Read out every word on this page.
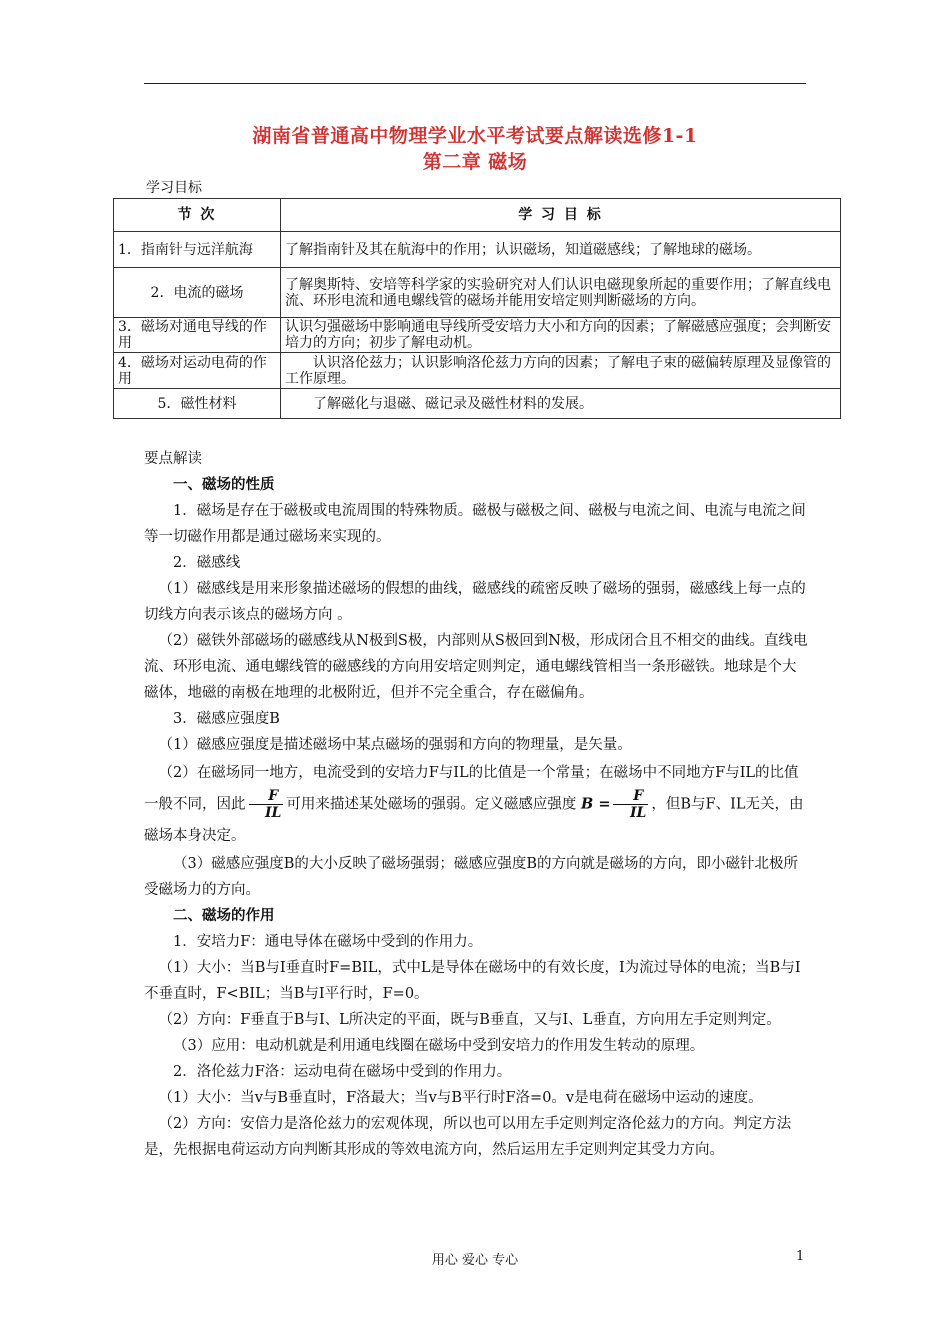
湖南省普通高中物理学业水平考试要点解读选修1-1
第二章 磁场
学习目标
节 次	学 习 目 标
1．指南针与远洋航海	了解指南针及其在航海中的作用；认识磁场，知道磁感线；了解地球的磁场。
2．电流的磁场	了解奥斯特、安培等科学家的实验研究对人们认识电磁现象所起的重要作用；了解直线电流、环形电流和通电螺线管的磁场并能用安培定则判断磁场的方向。
3．磁场对通电导线的作用	认识匀强磁场中影响通电导线所受安培力大小和方向的因素；了解磁感应强度；会判断安培力的方向；初步了解电动机。
4．磁场对运动电荷的作用	认识洛伦兹力；认识影响洛伦兹力方向的因素；了解电子束的磁偏转原理及显像管的工作原理。
5．磁性材料	了解磁化与退磁、磁记录及磁性材料的发展。

要点解读

一、磁场的性质

1．磁场是存在于磁极或电流周围的特殊物质。磁极与磁极之间、磁极与电流之间、电流与电流之间等一切磁作用都是通过磁场来实现的。

2．磁感线

（1）磁感线是用来形象描述磁场的假想的曲线，磁感线的疏密反映了磁场的强弱，磁感线上每一点的切线方向表示该点的磁场方向 。

（2）磁铁外部磁场的磁感线从N极到S极，内部则从S极回到N极，形成闭合且不相交的曲线。直线电流、环形电流、通电螺线管的磁感线的方向用安培定则判定，通电螺线管相当一条形磁铁。地球是个大磁体，地磁的南极在地理的北极附近，但并不完全重合，存在磁偏角。

3．磁感应强度B

（1）磁感应强度是描述磁场中某点磁场的强弱和方向的物理量，是矢量。

（2）在磁场同一地方，电流受到的安培力F与IL的比值是一个常量；在磁场中不同地方F与IL的比值一般不同，因此 $\frac{F}{IL}$ 可用来描述某处磁场的强弱。定义磁感应强度 $B = \frac{F}{IL}$ ，但B与F、IL无关，由磁场本身决定。

（3）磁感应强度B的大小反映了磁场强弱；磁感应强度B的方向就是磁场的方向，即小磁针北极所受磁场力的方向。

二、磁场的作用

1．安培力F：通电导体在磁场中受到的作用力。

（1）大小：当B与I垂直时F=BIL，式中L是导体在磁场中的有效长度，I为流过导体的电流；当B与I不垂直时，F<BIL；当B与I平行时，F=0。

（2）方向：F垂直于B与I、L所决定的平面，既与B垂直，又与I、L垂直，方向用左手定则判定。

（3）应用：电动机就是利用通电线圈在磁场中受到安培力的作用发生转动的原理。

2．洛伦兹力F洛：运动电荷在磁场中受到的作用力。

（1）大小：当v与B垂直时，F洛最大；当v与B平行时F洛=0。v是电荷在磁场中运动的速度。

（2）方向：安倍力是洛伦兹力的宏观体现，所以也可以用左手定则判定洛伦兹力的方向。判定方法是，先根据电荷运动方向判断其形成的等效电流方向，然后运用左手定则判定其受力方向。

用心 爱心 专心	1
